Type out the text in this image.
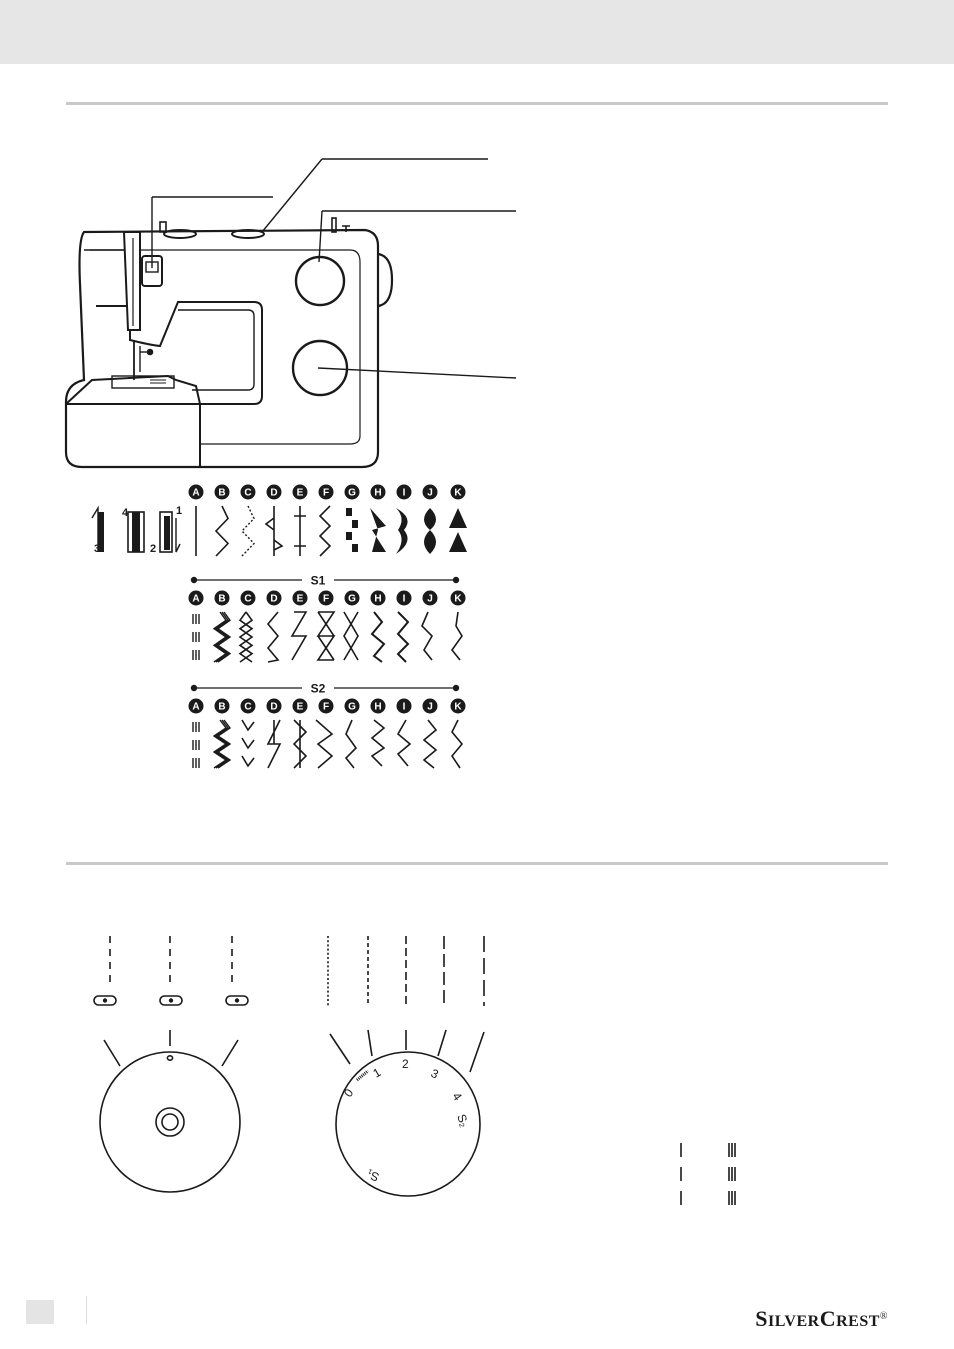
A B C D E F G H I J K
1
2
3
4
S1
A B C D E F G H I J K
S2
A B C D E F G H I J K
0
1
2
3
4
S₂
S₁
SILVERCREST®
